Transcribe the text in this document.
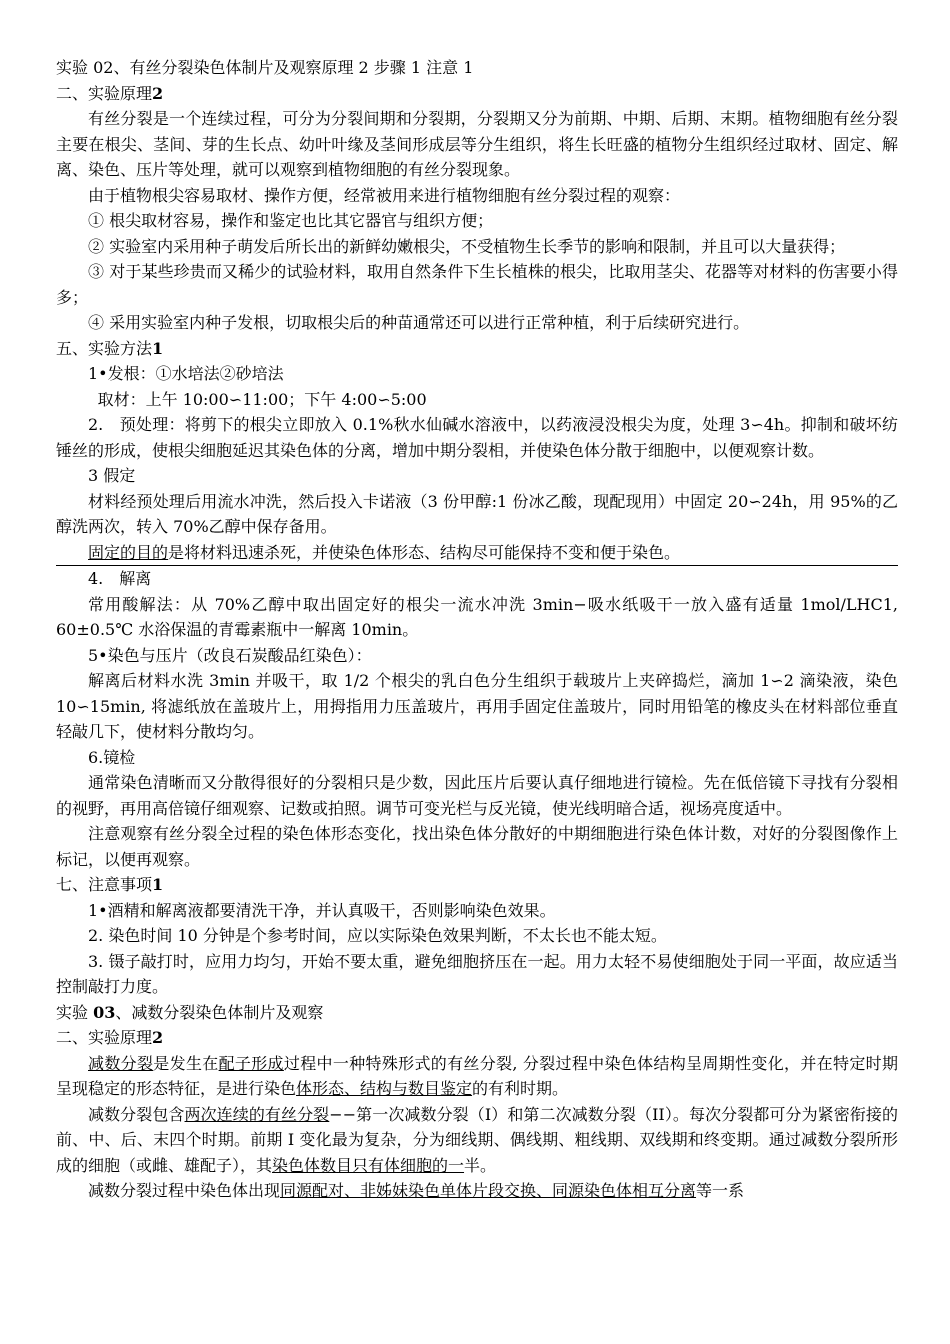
实验 02、有丝分裂染色体制片及观察原理 2 步骤 1 注意 1

二、实验原理2

有丝分裂是一个连续过程，可分为分裂间期和分裂期，分裂期又分为前期、中期、后期、末期。植物细胞有丝分裂主要在根尖、茎间、芽的生长点、幼叶叶缘及茎间形成层等分生组织，将生长旺盛的植物分生组织经过取材、固定、解离、染色、压片等处理，就可以观察到植物细胞的有丝分裂现象。

由于植物根尖容易取材、操作方便，经常被用来进行植物细胞有丝分裂过程的观察：

① 根尖取材容易，操作和鉴定也比其它器官与组织方便；

② 实验室内采用种子萌发后所长出的新鲜幼嫩根尖，不受植物生长季节的影响和限制，并且可以大量获得；

③ 对于某些珍贵而又稀少的试验材料，取用自然条件下生长植株的根尖，比取用茎尖、花器等对材料的伤害要小得多；

④ 采用实验室内种子发根，切取根尖后的种苗通常还可以进行正常种植，利于后续研究进行。

五、实验方法1

1•发根：①水培法②砂培法

取材：上午 10:00∽11:00；下午 4:00∽5:00

2.　预处理：将剪下的根尖立即放入 0.1%秋水仙碱水溶液中，以药液浸没根尖为度，处理 3∽4h。抑制和破坏纺锤丝的形成，使根尖细胞延迟其染色体的分离，增加中期分裂相，并使染色体分散于细胞中，以便观察计数。

3 假定

材料经预处理后用流水冲洗，然后投入卡诺液（3 份甲醇:1 份冰乙酸，现配现用）中固定 20∽24h，用 95%的乙醇洗两次，转入 70%乙醇中保存备用。

固定的目的是将材料迅速杀死，并使染色体形态、结构尽可能保持不变和便于染色。

4.　解离

常用酸解法：从 70%乙醇中取出固定好的根尖一流水冲洗 3min−吸水纸吸干一放入盛有适量 1mol/LHC1, 60±0.5℃ 水浴保温的青霉素瓶中一解离 10min。

5•染色与压片（改良石炭酸品红染色）：

解离后材料水洗 3min 并吸干，取 1/2 个根尖的乳白色分生组织于载玻片上夹碎捣烂，滴加 1∽2 滴染液，染色 10∽15min, 将滤纸放在盖玻片上，用拇指用力压盖玻片，再用手固定住盖玻片，同时用铅笔的橡皮头在材料部位垂直轻敲几下，使材料分散均匀。

6.镜检

通常染色清晰而又分散得很好的分裂相只是少数，因此压片后要认真仔细地进行镜检。先在低倍镜下寻找有分裂相的视野，再用高倍镜仔细观察、记数或拍照。调节可变光栏与反光镜，使光线明暗合适，视场亮度适中。

注意观察有丝分裂全过程的染色体形态变化，找出染色体分散好的中期细胞进行染色体计数，对好的分裂图像作上标记，以便再观察。

七、注意事项1

1•酒精和解离液都要清洗干净，并认真吸干，否则影响染色效果。

2. 染色时间 10 分钟是个参考时间，应以实际染色效果判断，不太长也不能太短。

3. 镊子敲打时，应用力均匀，开始不要太重，避免细胞挤压在一起。用力太轻不易使细胞处于同一平面，故应适当控制敲打力度。

实验 03、减数分裂染色体制片及观察

二、实验原理2

减数分裂是发生在配子形成过程中一种特殊形式的有丝分裂, 分裂过程中染色体结构呈周期性变化，并在特定时期呈现稳定的形态特征，是进行染色体形态、结构与数目鉴定的有利时期。

减数分裂包含两次连续的有丝分裂−−第一次减数分裂（I）和第二次减数分裂（II）。每次分裂都可分为紧密衔接的前、中、后、末四个时期。前期 I 变化最为复杂，分为细线期、偶线期、粗线期、双线期和终变期。通过减数分裂所形成的细胞（或雌、雄配子），其染色体数目只有体细胞的一半。

减数分裂过程中染色体出现同源配对、非姊妹染色单体片段交换、同源染色体相互分离等一系
